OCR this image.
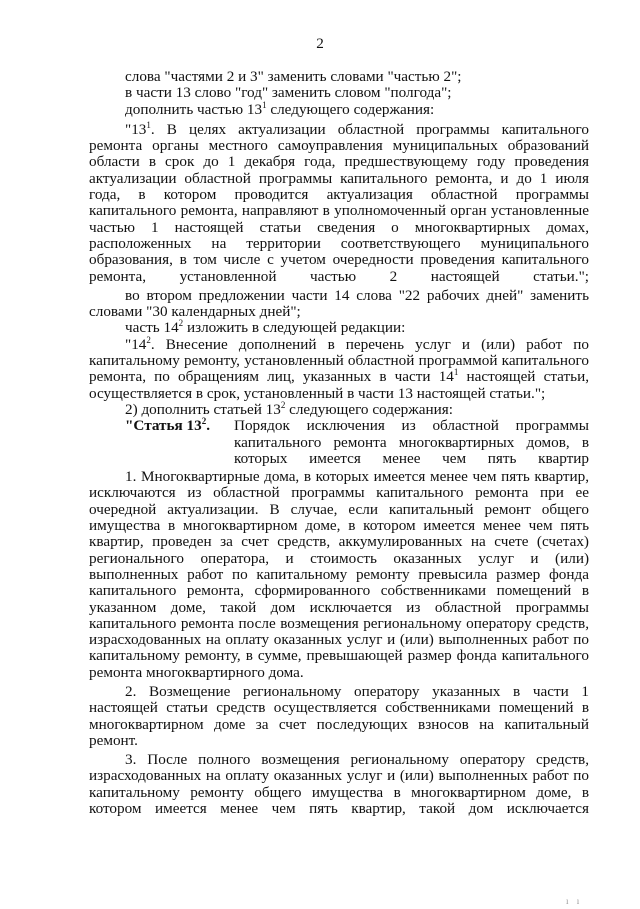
2
слова "частями 2 и 3" заменить словами "частью 2";
в части 13 слово "год" заменить словом "полгода";
дополнить частью $13^1$ следующего содержания:
"$13^1$. В целях актуализации областной программы капитального ремонта органы местного самоуправления муниципальных образований области в срок до 1 декабря года, предшествующему году проведения актуализации областной программы капитального ремонта, и до 1 июля года, в котором проводится актуализация областной программы капитального ремонта, направляют в уполномоченный орган установленные частью 1 настоящей статьи сведения о многоквартирных домах, расположенных на территории соответствующего муниципального образования, в том числе с учетом очередности проведения капитального ремонта, установленной частью 2 настоящей статьи.";
во втором предложении части 14 слова "22 рабочих дней" заменить словами "30 календарных дней";
часть $14^2$ изложить в следующей редакции:
"$14^2$. Внесение дополнений в перечень услуг и (или) работ по капитальному ремонту, установленный областной программой капитального ремонта, по обращениям лиц, указанных в части $14^1$ настоящей статьи, осуществляется в срок, установленный в части 13 настоящей статьи.";
2) дополнить статьей $13^2$ следующего содержания:
"Статья $13^2$.	Порядок исключения из областной программы капитального ремонта многоквартирных домов, в которых имеется менее чем пять квартир
1. Многоквартирные дома, в которых имеется менее чем пять квартир, исключаются из областной программы капитального ремонта при ее очередной актуализации. В случае, если капитальный ремонт общего имущества в многоквартирном доме, в котором имеется менее чем пять квартир, проведен за счет средств, аккумулированных на счете (счетах) регионального оператора, и стоимость оказанных услуг и (или) выполненных работ по капитальному ремонту превысила размер фонда капитального ремонта, сформированного собственниками помещений в указанном доме, такой дом исключается из областной программы капитального ремонта после возмещения региональному оператору средств, израсходованных на оплату оказанных услуг и (или) выполненных работ по капитальному ремонту, в сумме, превышающей размер фонда капитального ремонта многоквартирного дома.
2. Возмещение региональному оператору указанных в части 1 настоящей статьи средств осуществляется собственниками помещений в многоквартирном доме за счет последующих взносов на капитальный ремонт.
3. После полного возмещения региональному оператору средств, израсходованных на оплату оказанных услуг и (или) выполненных работ по капитальному ремонту общего имущества в многоквартирном доме, в котором имеется менее чем пять квартир, такой дом исключается
ı ı
